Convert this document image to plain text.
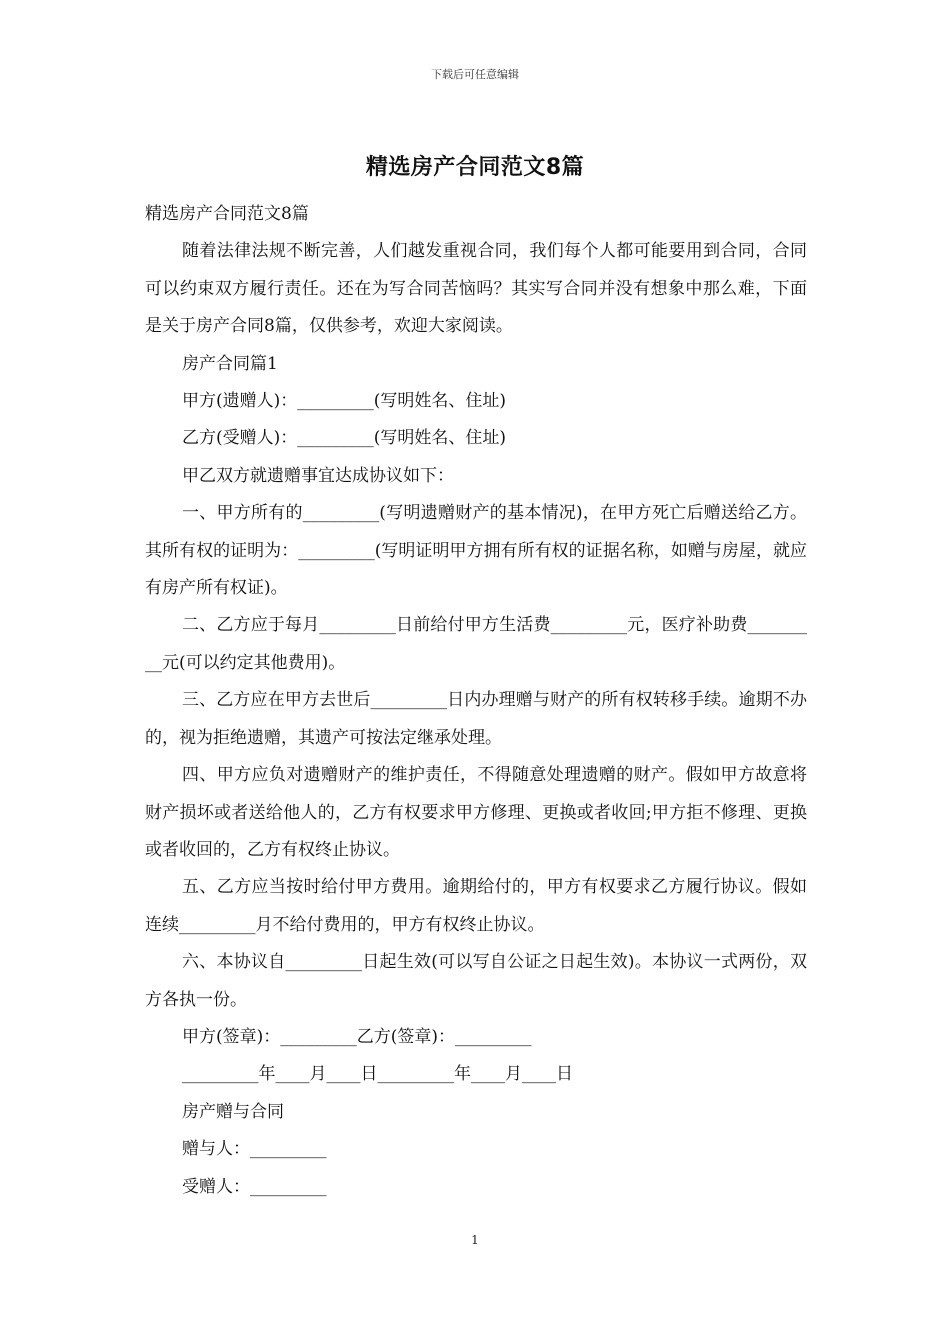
下载后可任意编辑
精选房产合同范文8篇

精选房产合同范文8篇

随着法律法规不断完善，人们越发重视合同，我们每个人都可能要用到合同，合同可以约束双方履行责任。还在为写合同苦恼吗？其实写合同并没有想象中那么难，下面是关于房产合同8篇，仅供参考，欢迎大家阅读。

房产合同篇1

甲方(遗赠人)：_________(写明姓名、住址)

乙方(受赠人)：_________(写明姓名、住址)

甲乙双方就遗赠事宜达成协议如下：

一、甲方所有的_________(写明遗赠财产的基本情况)，在甲方死亡后赠送给乙方。其所有权的证明为：_________(写明证明甲方拥有所有权的证据名称，如赠与房屋，就应有房产所有权证)。

二、乙方应于每月_________日前给付甲方生活费_________元，医疗补助费_________元(可以约定其他费用)。

三、乙方应在甲方去世后_________日内办理赠与财产的所有权转移手续。逾期不办的，视为拒绝遗赠，其遗产可按法定继承处理。

四、甲方应负对遗赠财产的维护责任，不得随意处理遗赠的财产。假如甲方故意将财产损坏或者送给他人的，乙方有权要求甲方修理、更换或者收回;甲方拒不修理、更换或者收回的，乙方有权终止协议。

五、乙方应当按时给付甲方费用。逾期给付的，甲方有权要求乙方履行协议。假如连续_________月不给付费用的，甲方有权终止协议。

六、本协议自_________日起生效(可以写自公证之日起生效)。本协议一式两份，双方各执一份。

甲方(签章)：_________乙方(签章)：_________

_________年____月____日_________年____月____日

房产赠与合同

赠与人：_________

受赠人：_________

1
